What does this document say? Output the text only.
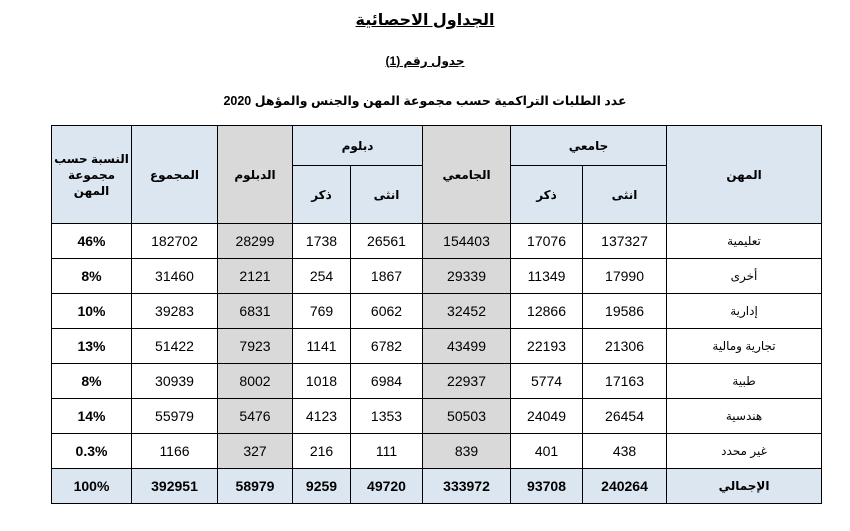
الجداول الاحصائية
جدول رقم (1)
عدد الطلبات التراكمية حسب مجموعة المهن والجنس والمؤهل 2020
النسبة حسب مجموعة المهن	المجموع	الدبلوم	دبلوم		الجامعي	جامعي		المهن
			ذكر	انثى		ذكر	انثى	
46%	182702	28299	1738	26561	154403	17076	137327	تعليمية
8%	31460	2121	254	1867	29339	11349	17990	أخرى
10%	39283	6831	769	6062	32452	12866	19586	إدارية
13%	51422	7923	1141	6782	43499	22193	21306	تجارية ومالية
8%	30939	8002	1018	6984	22937	5774	17163	طبية
14%	55979	5476	4123	1353	50503	24049	26454	هندسية
0.3%	1166	327	216	111	839	401	438	غير محدد
100%	392951	58979	9259	49720	333972	93708	240264	الإجمالي
